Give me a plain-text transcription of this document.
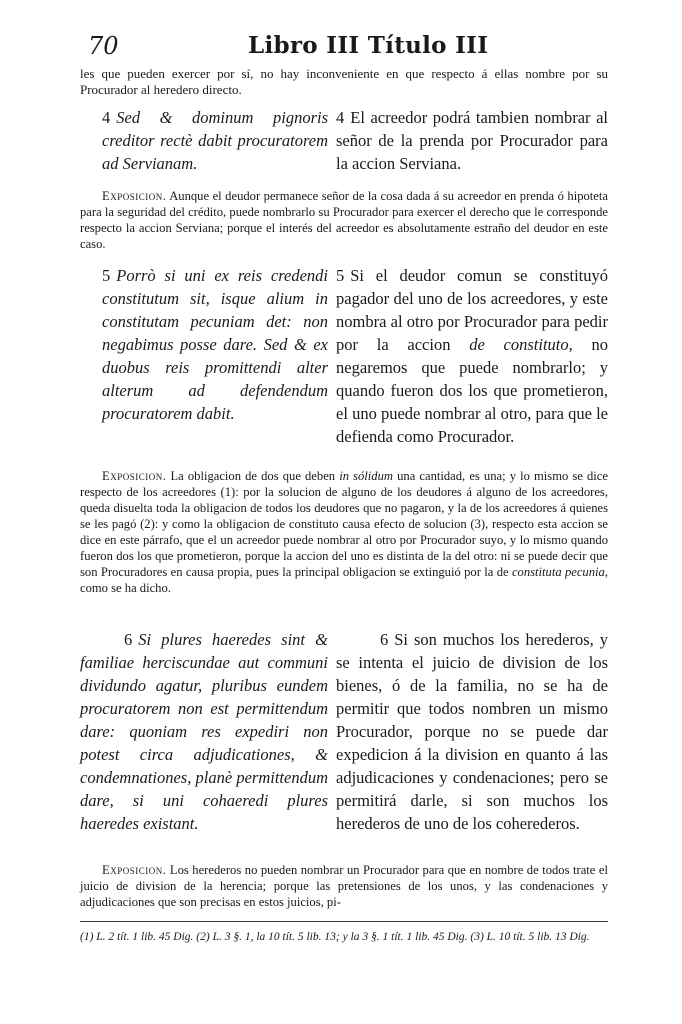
70	Libro III Título III
les que pueden exercer por sí, no hay inconveniente en que respecto á ellas nombre por su Procurador al heredero directo.
4 Sed & dominum pignoris creditor rectè dabit procuratorem ad Servianam.
4 El acreedor podrá tambien nombrar al señor de la prenda por Procurador para la accion Serviana.
Exposicion. Aunque el deudor permanece señor de la cosa dada á su acreedor en prenda ó hipoteta para la seguridad del crédito, puede nombrarlo su Procurador para exercer el derecho que le corresponde respecto la accion Serviana; porque el interés del acreedor es absolutamente estraño del deudor en este caso.
5 Porrò si uni ex reis credendi constitutum sit, isque alium in constitutam pecuniam det: non negabimus posse dare. Sed & ex duobus reis promittendi alter alterum ad defendendum procuratorem dabit.
5 Si el deudor comun se constituyó pagador del uno de los acreedores, y este nombra al otro por Procurador para pedir por la accion de constituto, no negaremos que puede nombrarlo; y quando fueron dos los que prometieron, el uno puede nombrar al otro, para que le defienda como Procurador.
Exposicion. La obligacion de dos que deben in sólidum una cantidad, es una; y lo mismo se dice respecto de los acreedores (1): por la solucion de alguno de los deudores á alguno de los acreedores, queda disuelta toda la obligacion de todos los deudores que no pagaron, y la de los acreedores á quienes se les pagó (2): y como la obligacion de constituto causa efecto de solucion (3), respecto esta accion se dice en este párrafo, que el un acreedor puede nombrar al otro por Procurador suyo, y lo mismo quando fueron dos los que prometieron, porque la accion del uno es distinta de la del otro: ni se puede decir que son Procuradores en causa propia, pues la principal obligacion se extinguió por la de constituta pecunia, como se ha dicho.
6 Si plures haeredes sint & familiae herciscundae aut communi dividundo agatur, pluribus eundem procuratorem non est permittendum dare: quoniam res expediri non potest circa adjudicationes, & condemnationes, planè permittendum dare, si uni cohaeredi plures haeredes existant.
6 Si son muchos los herederos, y se intenta el juicio de division de los bienes, ó de la familia, no se ha de permitir que todos nombren un mismo Procurador, porque no se puede dar expedicion á la division en quanto á las adjudicaciones y condenaciones; pero se permitirá darle, si son muchos los herederos de uno de los coherederos.
Exposicion. Los herederos no pueden nombrar un Procurador para que en nombre de todos trate el juicio de division de la herencia; porque las pretensiones de los unos, y las condenaciones y adjudicaciones que son precisas en estos juicios, pi-
(1) L. 2 tít. 1 lib. 45 Dig. (2) L. 3 §. 1, la 10 tít. 5 lib. 13; y la 3 §. 1 tít. 1 lib. 45 Dig. (3) L. 10 tít. 5 lib. 13 Dig.
